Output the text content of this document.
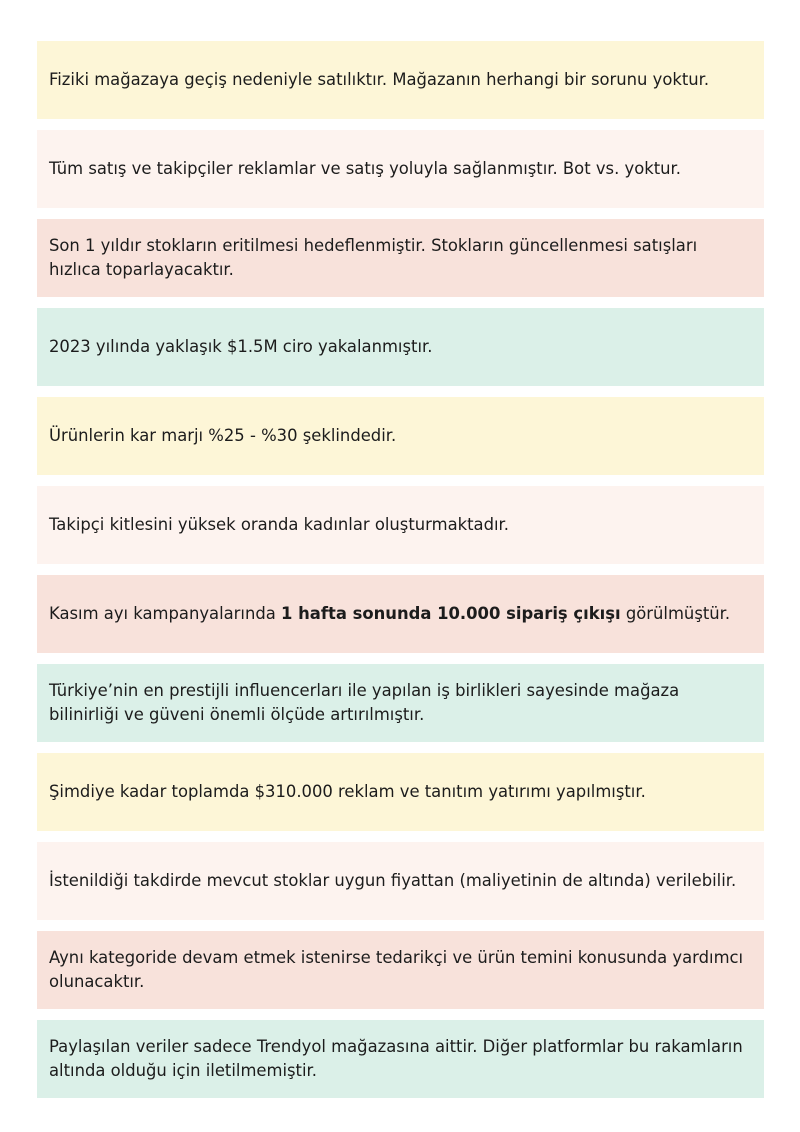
Fiziki mağazaya geçiş nedeniyle satılıktır. Mağazanın herhangi bir sorunu yoktur.

Tüm satış ve takipçiler reklamlar ve satış yoluyla sağlanmıştır. Bot vs. yoktur.

Son 1 yıldır stokların eritilmesi hedeflenmiştir. Stokların güncellenmesi satışları hızlıca toparlayacaktır.

2023 yılında yaklaşık $1.5M ciro yakalanmıştır.

Ürünlerin kar marjı %25 - %30 şeklindedir.

Takipçi kitlesini yüksek oranda kadınlar oluşturmaktadır.

Kasım ayı kampanyalarında 1 hafta sonunda 10.000 sipariş çıkışı görülmüştür.

Türkiye’nin en prestijli influencerları ile yapılan iş birlikleri sayesinde mağaza bilinirliği ve güveni önemli ölçüde artırılmıştır.

Şimdiye kadar toplamda $310.000 reklam ve tanıtım yatırımı yapılmıştır.

İstenildiği takdirde mevcut stoklar uygun fiyattan (maliyetinin de altında) verilebilir.

Aynı kategoride devam etmek istenirse tedarikçi ve ürün temini konusunda yardımcı olunacaktır.

Paylaşılan veriler sadece Trendyol mağazasına aittir. Diğer platformlar bu rakamların altında olduğu için iletilmemiştir.
